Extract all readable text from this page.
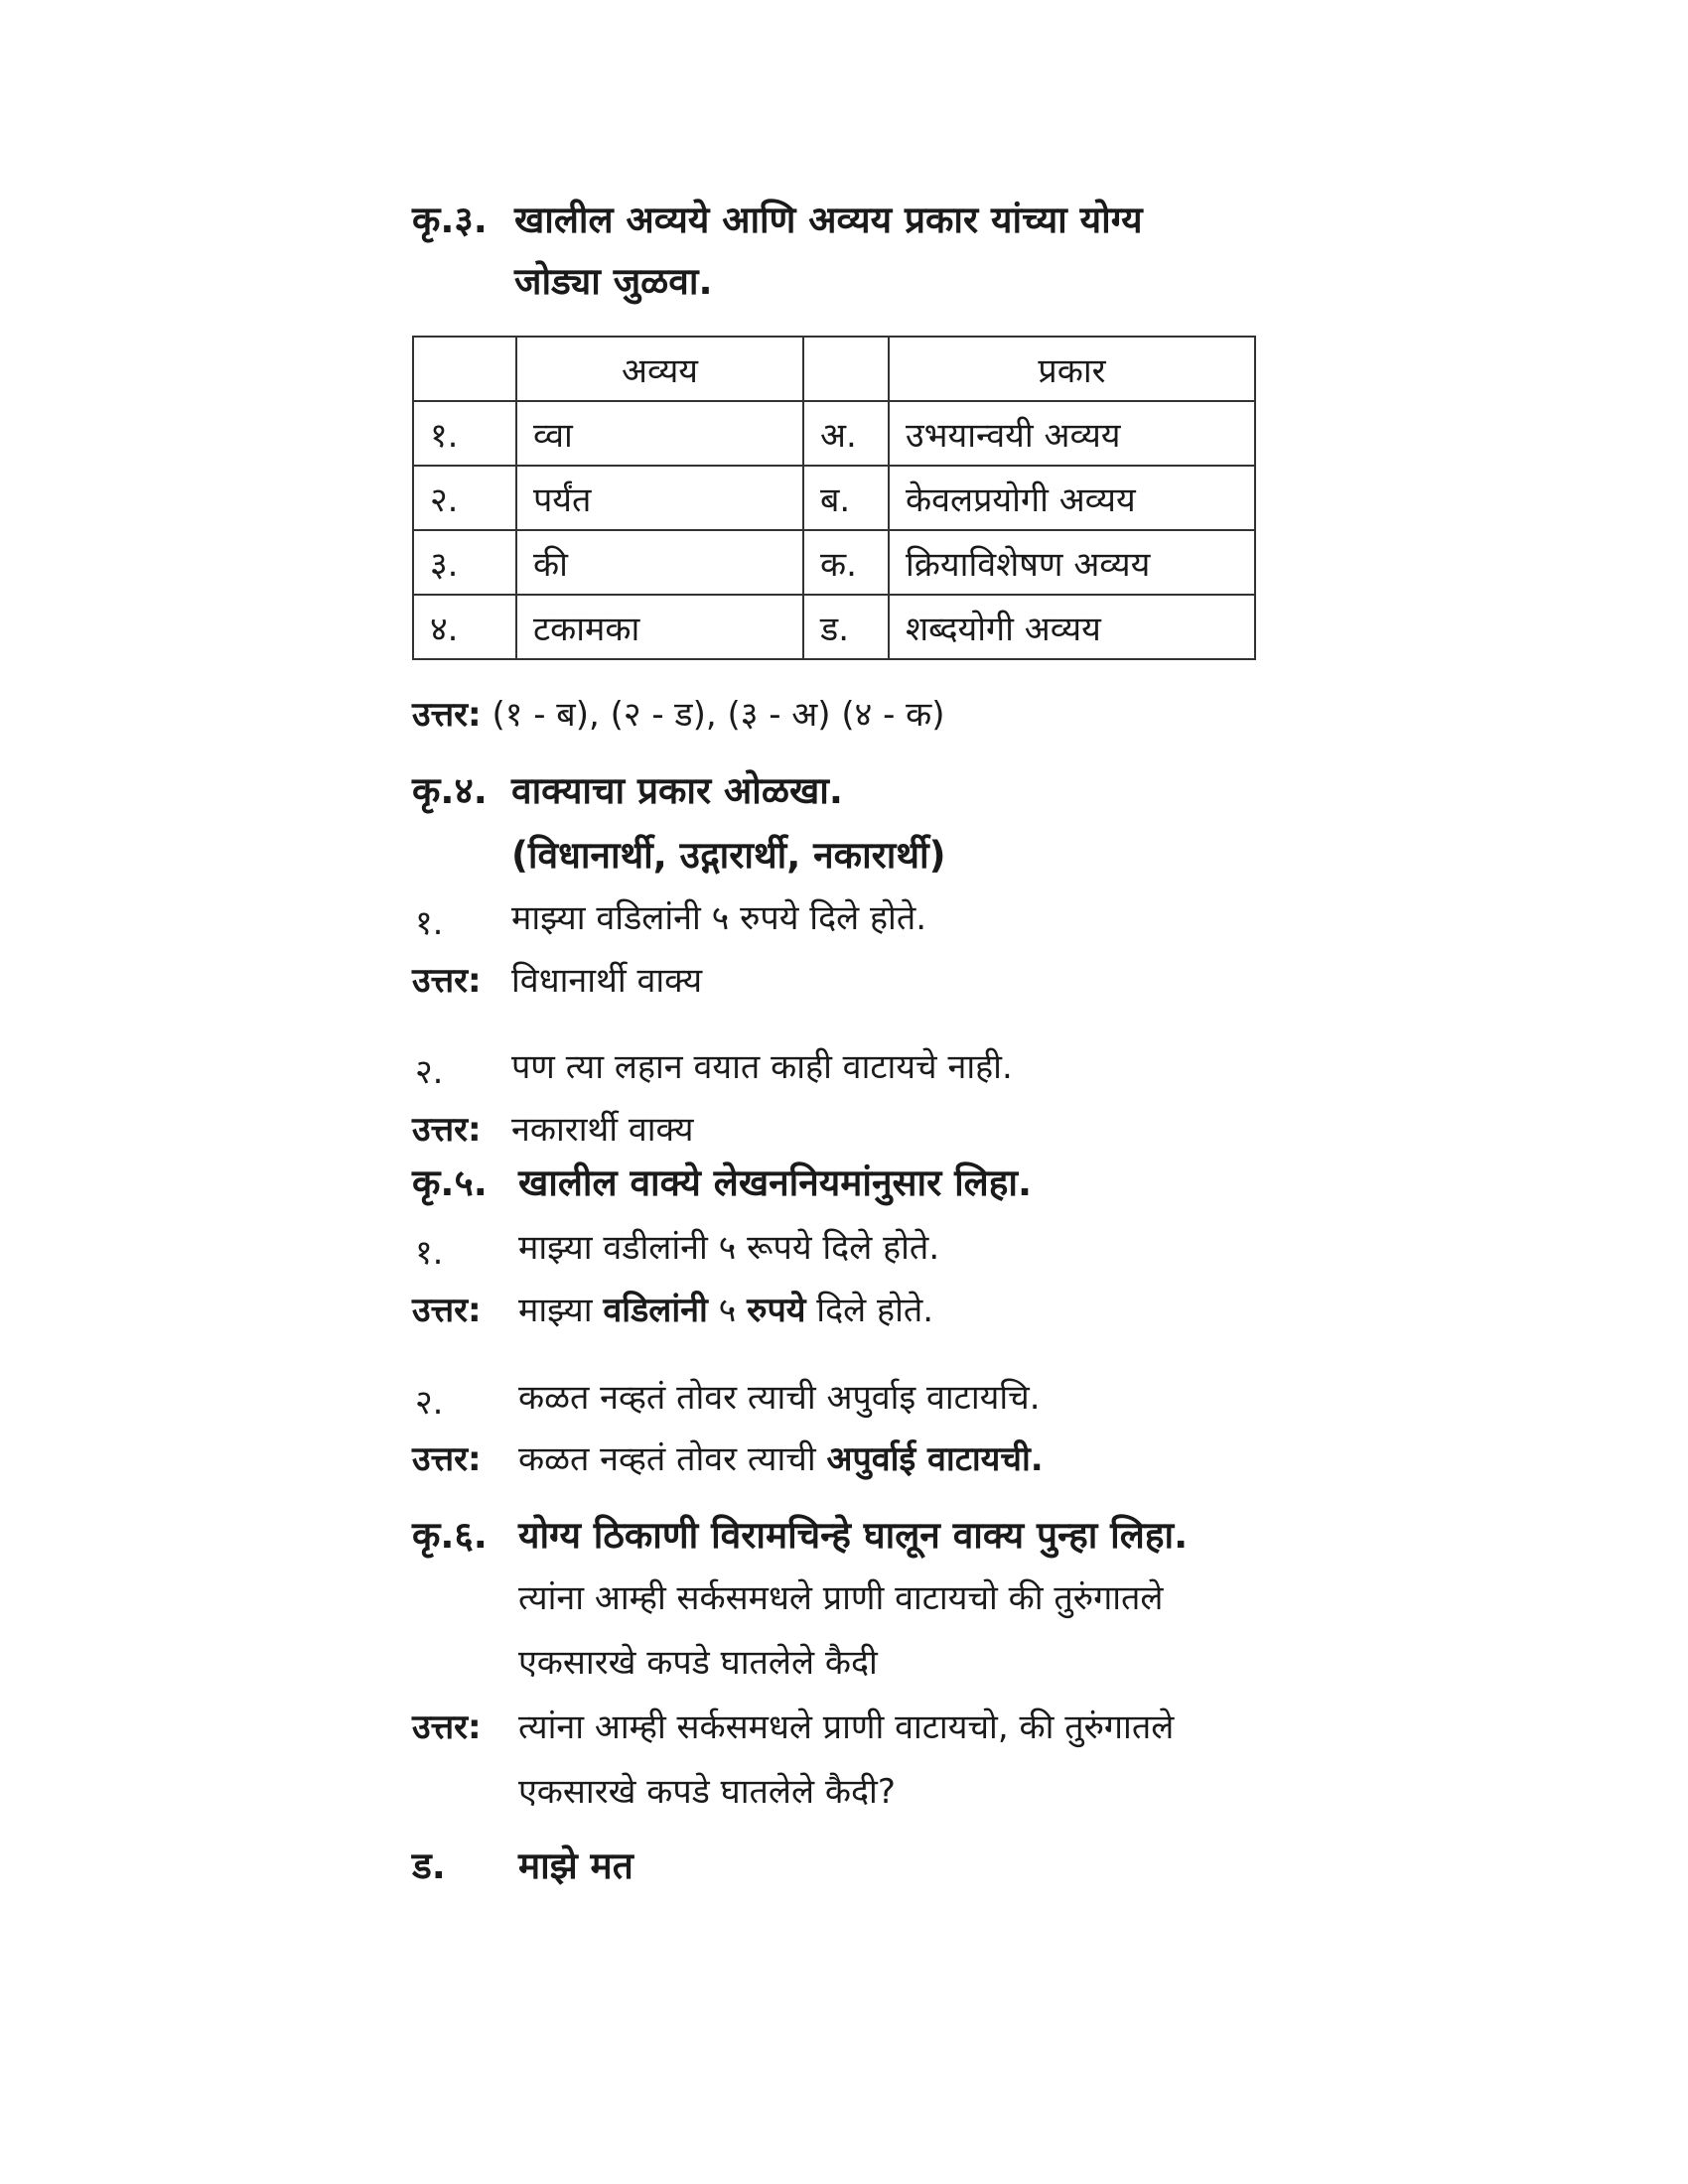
कृ.३. खालील अव्यये आणि अव्यय प्रकार यांच्या योग्य
जोड्या जुळवा.
	अव्यय		प्रकार
१.	व्वा	अ.	उभयान्वयी अव्यय
२.	पर्यंत	ब.	केवलप्रयोगी अव्यय
३.	की	क.	क्रियाविशेषण अव्यय
४.	टकामका	ड.	शब्दयोगी अव्यय
उत्तर: (१ - ब), (२ - ड), (३ - अ) (४ - क)
कृ.४. वाक्याचा प्रकार ओळखा.
(विधानार्थी, उद्गारार्थी, नकारार्थी)
१. माझ्या वडिलांनी ५ रुपये दिले होते.
उत्तर: विधानार्थी वाक्य
२. पण त्या लहान वयात काही वाटायचे नाही.
उत्तर: नकारार्थी वाक्य
कृ.५. खालील वाक्ये लेखननियमांनुसार लिहा.
१. माझ्या वडीलांनी ५ रूपये दिले होते.
उत्तर: माझ्या वडिलांनी ५ रुपये दिले होते.
२. कळत नव्हतं तोवर त्याची अपुर्वाइ वाटायचि.
उत्तर: कळत नव्हतं तोवर त्याची अपुर्वाई वाटायची.
कृ.६. योग्य ठिकाणी विरामचिन्हे घालून वाक्य पुन्हा लिहा.
त्यांना आम्ही सर्कसमधले प्राणी वाटायचो की तुरुंगातले
एकसारखे कपडे घातलेले कैदी
उत्तर: त्यांना आम्ही सर्कसमधले प्राणी वाटायचो, की तुरुंगातले
एकसारखे कपडे घातलेले कैदी?
ड. माझे मत
